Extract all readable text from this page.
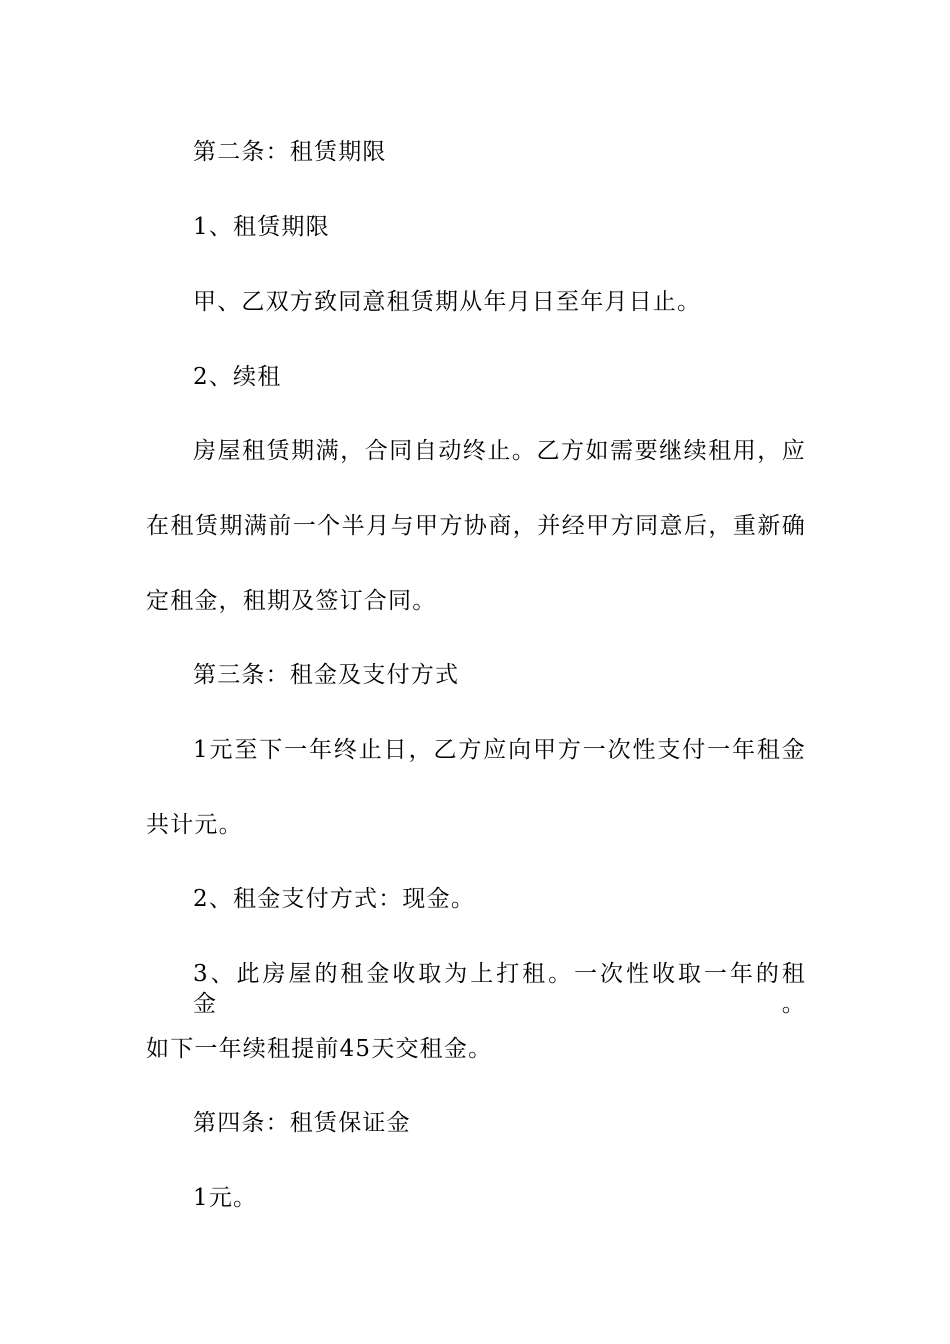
第二条：租赁期限
1、租赁期限
甲、乙双方致同意租赁期从年月日至年月日止。
2、续租
房屋租赁期满，合同自动终止。乙方如需要继续租用，应
在租赁期满前一个半月与甲方协商，并经甲方同意后，重新确
定租金，租期及签订合同。
第三条：租金及支付方式
1元至下一年终止日，乙方应向甲方一次性支付一年租金
共计元。
2、租金支付方式：现金。
3、此房屋的租金收取为上打租。一次性收取一年的租金。
如下一年续租提前45天交租金。
第四条：租赁保证金
1元。
